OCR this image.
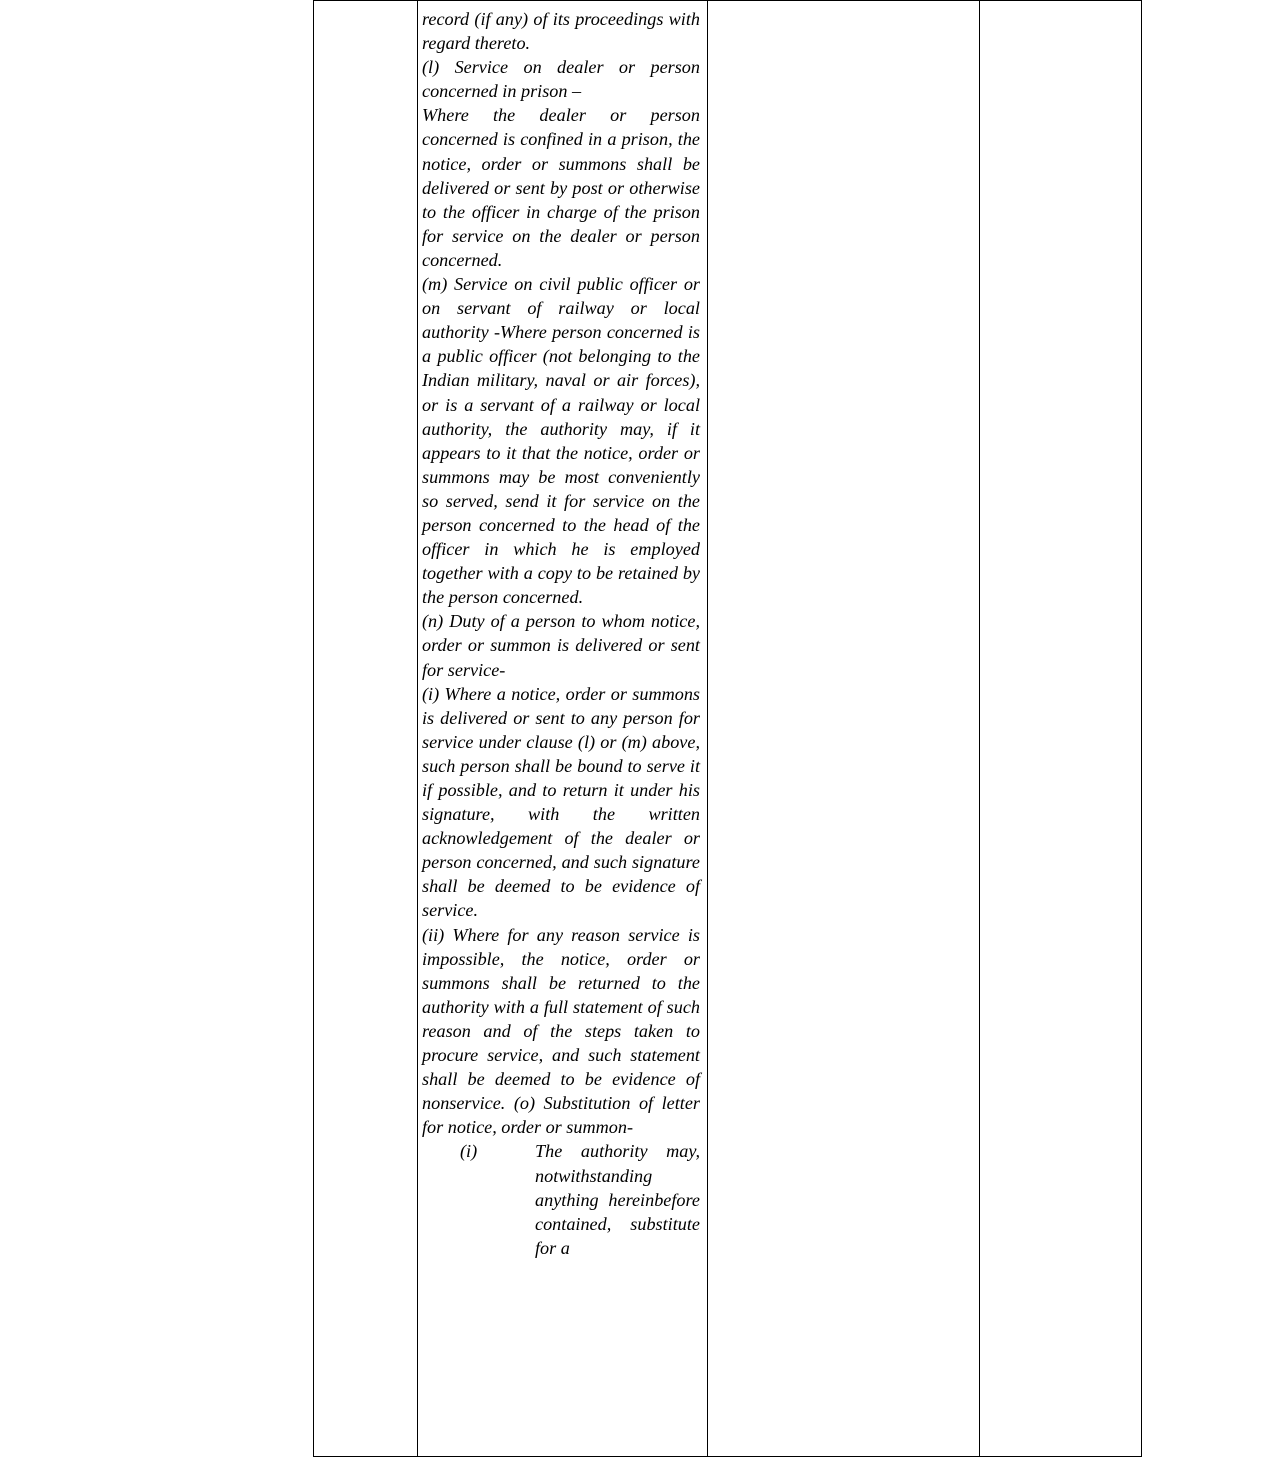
record (if any) of its proceedings with regard thereto.

(l) Service on dealer or person concerned in prison –

Where the dealer or person concerned is confined in a prison, the notice, order or summons shall be delivered or sent by post or otherwise to the officer in charge of the prison for service on the dealer or person concerned.

(m) Service on civil public officer or on servant of railway or local authority -Where person concerned is a public officer (not belonging to the Indian military, naval or air forces), or is a servant of a railway or local authority, the authority may, if it appears to it that the notice, order or summons may be most conveniently so served, send it for service on the person concerned to the head of the officer in which he is employed together with a copy to be retained by the person concerned.

(n) Duty of a person to whom notice, order or summon is delivered or sent for service-

(i) Where a notice, order or summons is delivered or sent to any person for service under clause (l) or (m) above, such person shall be bound to serve it if possible, and to return it under his signature, with the written acknowledgement of the dealer or person concerned, and such signature shall be deemed to be evidence of service.

(ii) Where for any reason service is impossible, the notice, order or summons shall be returned to the authority with a full statement of such reason and of the steps taken to procure service, and such statement shall be deemed to be evidence of nonservice. (o) Substitution of letter for notice, order or summon-

(i)	The authority may, notwithstanding anything hereinbefore contained, substitute for a
